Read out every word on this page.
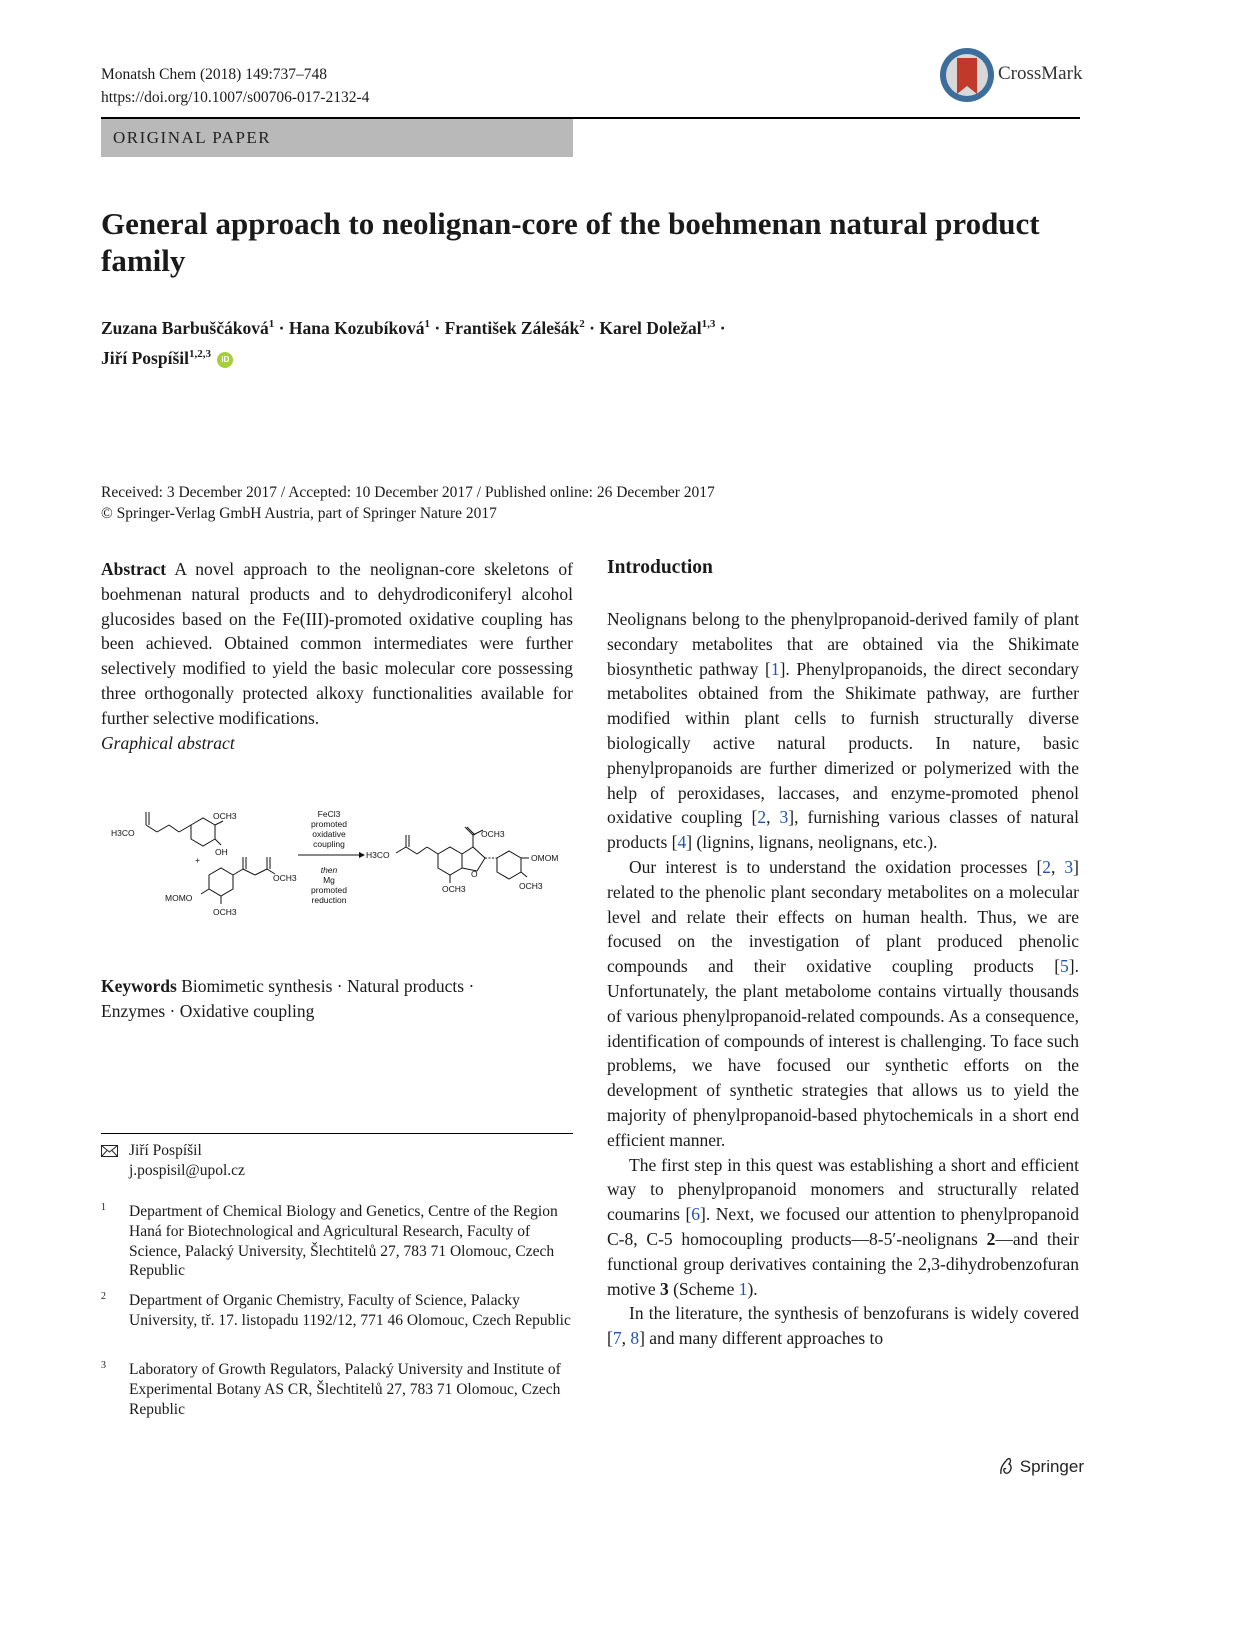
Monatsh Chem (2018) 149:737–748
https://doi.org/10.1007/s00706-017-2132-4
CrossMark
ORIGINAL PAPER
General approach to neolignan-core of the boehmenan natural product family
Zuzana Barbuščáková$^1$ · Hana Kozubíková$^1$ · František Zálešák$^2$ · Karel Doležal$^{1,3}$ ·
Jiří Pospíšil$^{1,2,3}$ iD
Received: 3 December 2017 / Accepted: 10 December 2017 / Published online: 26 December 2017
© Springer-Verlag GmbH Austria, part of Springer Nature 2017

Abstract A novel approach to the neolignan-core skeletons of boehmenan natural products and to dehydrodiconiferyl alcohol glucosides based on the Fe(III)-promoted oxidative coupling has been achieved. Obtained common intermediates were further selectively modified to yield the basic molecular core possessing three orthogonally protected alkoxy functionalities available for further selective modifications.

Graphical abstract

H3CO
OCH3
OH
+
OCH3
MOMO
OCH3
FeCl3
promoted
oxidative
coupling
then
Mg
promoted
reduction
H3CO
OCH3
OMOM
OCH3	OCH3
O
Keywords Biomimetic synthesis · Natural products ·
Enzymes · Oxidative coupling
Jiří Pospíšil
j.pospisil@upol.cz
1 Department of Chemical Biology and Genetics, Centre of the Region Haná for Biotechnological and Agricultural Research, Faculty of Science, Palacký University, Šlechtitelů 27, 783 71 Olomouc, Czech Republic
2 Department of Organic Chemistry, Faculty of Science, Palacky University, tř. 17. listopadu 1192/12, 771 46 Olomouc, Czech Republic
3 Laboratory of Growth Regulators, Palacký University and Institute of Experimental Botany AS CR, Šlechtitelů 27, 783 71 Olomouc, Czech Republic

Introduction

Neolignans belong to the phenylpropanoid-derived family of plant secondary metabolites that are obtained via the Shikimate biosynthetic pathway [1]. Phenylpropanoids, the direct secondary metabolites obtained from the Shikimate pathway, are further modified within plant cells to furnish structurally diverse biologically active natural products. In nature, basic phenylpropanoids are further dimerized or polymerized with the help of peroxidases, laccases, and enzyme-promoted phenol oxidative coupling [2, 3], furnishing various classes of natural products [4] (lignins, lignans, neolignans, etc.).

Our interest is to understand the oxidation processes [2, 3] related to the phenolic plant secondary metabolites on a molecular level and relate their effects on human health. Thus, we are focused on the investigation of plant produced phenolic compounds and their oxidative coupling products [5]. Unfortunately, the plant metabolome contains virtually thousands of various phenylpropanoid-related compounds. As a consequence, identification of compounds of interest is challenging. To face such problems, we have focused our synthetic efforts on the development of synthetic strategies that allows us to yield the majority of phenylpropanoid-based phytochemicals in a short end efficient manner.

The first step in this quest was establishing a short and efficient way to phenylpropanoid monomers and structurally related coumarins [6]. Next, we focused our attention to phenylpropanoid C-8, C-5 homocoupling products—8-5′-neolignans 2—and their functional group derivatives containing the 2,3-dihydrobenzofuran motive 3 (Scheme 1).

In the literature, the synthesis of benzofurans is widely covered [7, 8] and many different approaches to

Springer
